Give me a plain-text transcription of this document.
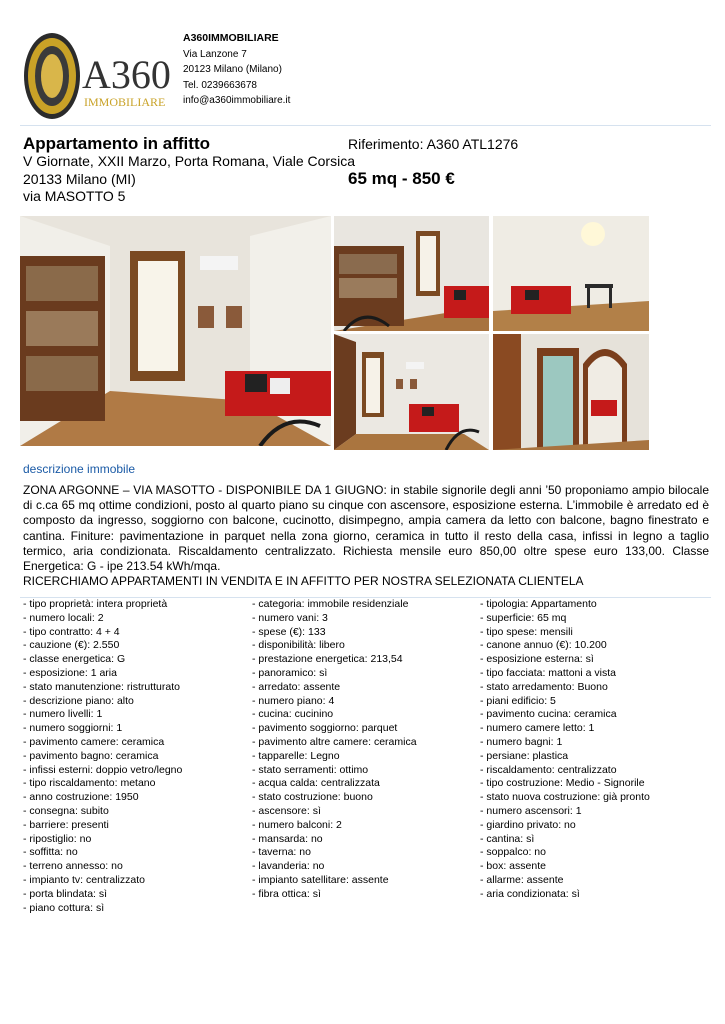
A360
IMMOBILIARE
A360IMMOBILIARE
Via Lanzone 7
20123 Milano (Milano)
Tel. 0239663678
info@a360immobiliare.it
Appartamento in affitto	Riferimento: A360 ATL1276
V Giornate, XXII Marzo, Porta Romana, Viale Corsica
20133 Milano (MI)	65 mq - 850 €
via MASOTTO 5
descrizione immobile

ZONA ARGONNE – VIA MASOTTO - DISPONIBILE DA 1 GIUGNO: in stabile signorile degli anni ’50 proponiamo ampio bilocale di c.ca 65 mq ottime condizioni, posto al quarto piano su cinque con ascensore, esposizione esterna. L’immobile è arredato ed è composto da ingresso, soggiorno con balcone, cucinotto, disimpegno, ampia camera da letto con balcone, bagno finestrato e cantina. Finiture: pavimentazione in parquet nella zona giorno, ceramica in tutto il resto della casa, infissi in legno a taglio termico, aria condizionata. Riscaldamento centralizzato. Richiesta mensile euro 850,00 oltre spese euro 133,00. Classe Energetica: G - ipe 213.54 kWh/mqa.

RICERCHIAMO APPARTAMENTI IN VENDITA E IN AFFITTO PER NOSTRA SELEZIONATA CLIENTELA

- tipo proprietà: intera proprietà
- numero locali: 2
- tipo contratto: 4 + 4
- cauzione (€): 2.550
- classe energetica: G
- esposizione: 1 aria
- stato manutenzione: ristrutturato
- descrizione piano: alto
- numero livelli: 1
- numero soggiorni: 1
- pavimento camere: ceramica
- pavimento bagno: ceramica
- infissi esterni: doppio vetro/legno
- tipo riscaldamento: metano
- anno costruzione: 1950
- consegna: subito
- barriere: presenti
- ripostiglio: no
- soffitta: no
- terreno annesso: no
- impianto tv: centralizzato
- porta blindata: sì
- piano cottura: sì
- categoria: immobile residenziale
- numero vani: 3
- spese (€): 133
- disponibilità: libero
- prestazione energetica: 213,54
- panoramico: sì
- arredato: assente
- numero piano: 4
- cucina: cucinino
- pavimento soggiorno: parquet
- pavimento altre camere: ceramica
- tapparelle: Legno
- stato serramenti: ottimo
- acqua calda: centralizzata
- stato costruzione: buono
- ascensore: sì
- numero balconi: 2
- mansarda: no
- taverna: no
- lavanderia: no
- impianto satellitare: assente
- fibra ottica: sì
- tipologia: Appartamento
- superficie: 65 mq
- tipo spese: mensili
- canone annuo (€): 10.200
- esposizione esterna: sì
- tipo facciata: mattoni a vista
- stato arredamento: Buono
- piani edificio: 5
- pavimento cucina: ceramica
- numero camere letto: 1
- numero bagni: 1
- persiane: plastica
- riscaldamento: centralizzato
- tipo costruzione: Medio - Signorile
- stato nuova costruzione: già pronto
- numero ascensori: 1
- giardino privato: no
- cantina: sì
- soppalco: no
- box: assente
- allarme: assente
- aria condizionata: sì
